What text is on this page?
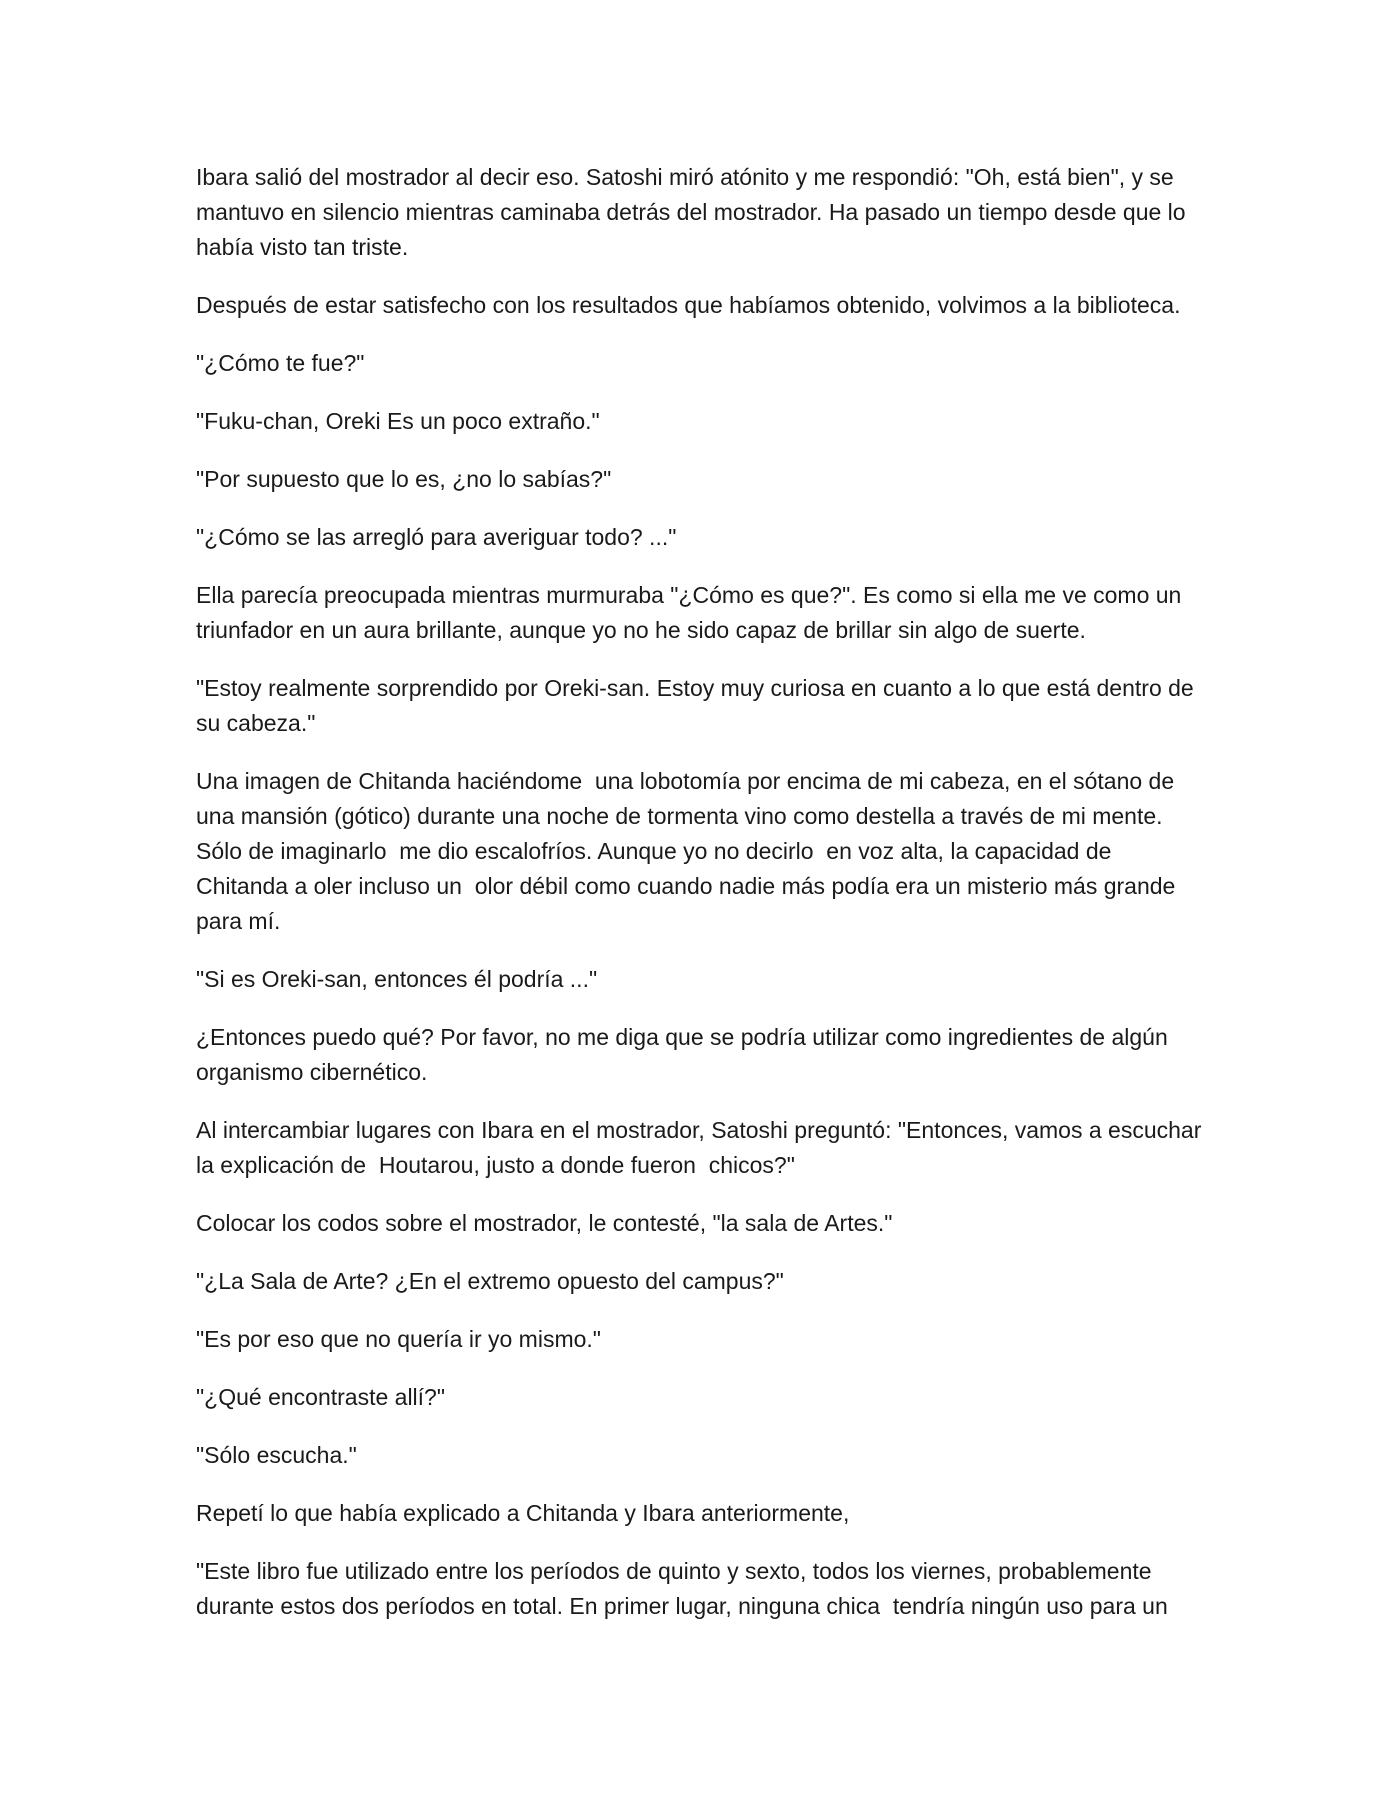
Ibara salió del mostrador al decir eso. Satoshi miró atónito y me respondió: "Oh, está bien", y se mantuvo en silencio mientras caminaba detrás del mostrador. Ha pasado un tiempo desde que lo había visto tan triste.

Después de estar satisfecho con los resultados que habíamos obtenido, volvimos a la biblioteca.

"¿Cómo te fue?"

"Fuku-chan, Oreki Es un poco extraño."

"Por supuesto que lo es, ¿no lo sabías?"

"¿Cómo se las arregló para averiguar todo? ..."

Ella parecía preocupada mientras murmuraba "¿Cómo es que?". Es como si ella me ve como un triunfador en un aura brillante, aunque yo no he sido capaz de brillar sin algo de suerte.

"Estoy realmente sorprendido por Oreki-san. Estoy muy curiosa en cuanto a lo que está dentro de su cabeza."

Una imagen de Chitanda haciéndome  una lobotomía por encima de mi cabeza, en el sótano de una mansión (gótico) durante una noche de tormenta vino como destella a través de mi mente.  Sólo de imaginarlo  me dio escalofríos. Aunque yo no decirlo  en voz alta, la capacidad de Chitanda a oler incluso un  olor débil como cuando nadie más podía era un misterio más grande para mí.

"Si es Oreki-san, entonces él podría ..."

¿Entonces puedo qué? Por favor, no me diga que se podría utilizar como ingredientes de algún organismo cibernético.

Al intercambiar lugares con Ibara en el mostrador, Satoshi preguntó: "Entonces, vamos a escuchar la explicación de  Houtarou, justo a donde fueron  chicos?"

Colocar los codos sobre el mostrador, le contesté, "la sala de Artes."

"¿La Sala de Arte? ¿En el extremo opuesto del campus?"

"Es por eso que no quería ir yo mismo."

"¿Qué encontraste allí?"

"Sólo escucha."

Repetí lo que había explicado a Chitanda y Ibara anteriormente,

"Este libro fue utilizado entre los períodos de quinto y sexto, todos los viernes, probablemente durante estos dos períodos en total. En primer lugar, ninguna chica  tendría ningún uso para un
